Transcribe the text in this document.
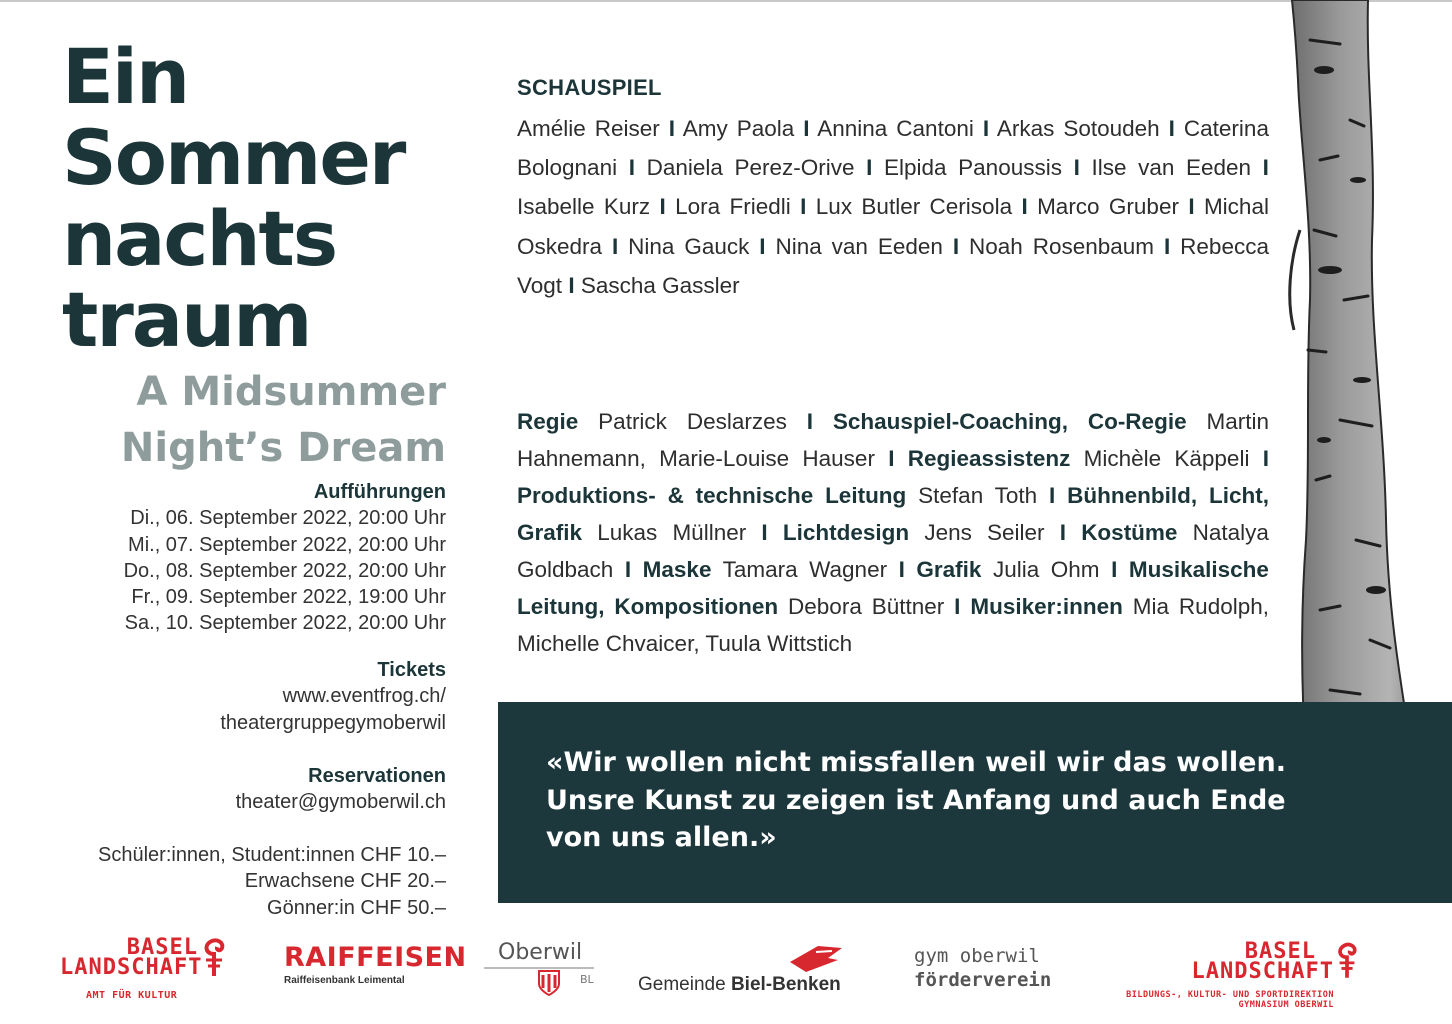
Ein
Sommer
nachts
traum
A Midsummer
Night’s Dream
Aufführungen
Di., 06. September 2022, 20:00 Uhr
Mi., 07. September 2022, 20:00 Uhr
Do., 08. September 2022, 20:00 Uhr
Fr., 09. September 2022, 19:00 Uhr
Sa., 10. September 2022, 20:00 Uhr
Tickets
www.eventfrog.ch/
theatergruppegymoberwil
Reservationen
theater@gymoberwil.ch
Schüler:innen, Student:innen CHF 10.–
Erwachsene CHF 20.–
Gönner:in CHF 50.–
SCHAUSPIEL
Amélie Reiser I Amy Paola I Annina Cantoni I Arkas Sotoudeh I Caterina Bolognani I Daniela Perez-Orive I Elpida Panoussis I Ilse van Eeden I Isabelle Kurz I Lora Friedli I Lux Butler Cerisola I Marco Gruber I Michal Oskedra I Nina Gauck I Nina van Eeden I Noah Rosenbaum I Rebecca Vogt I Sascha Gassler
Regie Patrick Deslarzes I Schauspiel-Coaching, Co-Regie Martin Hahnemann, Marie-Louise Hauser I Regieassistenz Michèle Käppeli I Produktions- & technische Leitung Stefan Toth I Bühnenbild, Licht, Grafik Lukas Müllner I Lichtdesign Jens Seiler I Kostüme Natalya Goldbach I Maske Tamara Wagner I Grafik Julia Ohm I Musikalische Leitung, Kompositionen Debora Büttner I Musiker:innen Mia Rudolph, Michelle Chvaicer, Tuula Wittstich
«Wir wollen nicht missfallen weil wir das wollen.
Unsre Kunst zu zeigen ist Anfang und auch Ende
von uns allen.»
BASEL
LANDSCHAFT
AMT FÜR KULTUR
RAIFFEISEN
Raiffeisenbank Leimental
Oberwil
BL Gemeinde Biel-Benken
gym oberwil
förderverein
BASEL
LANDSCHAFT
BILDUNGS-, KULTUR- UND SPORTDIREKTION
GYMNASIUM OBERWIL
